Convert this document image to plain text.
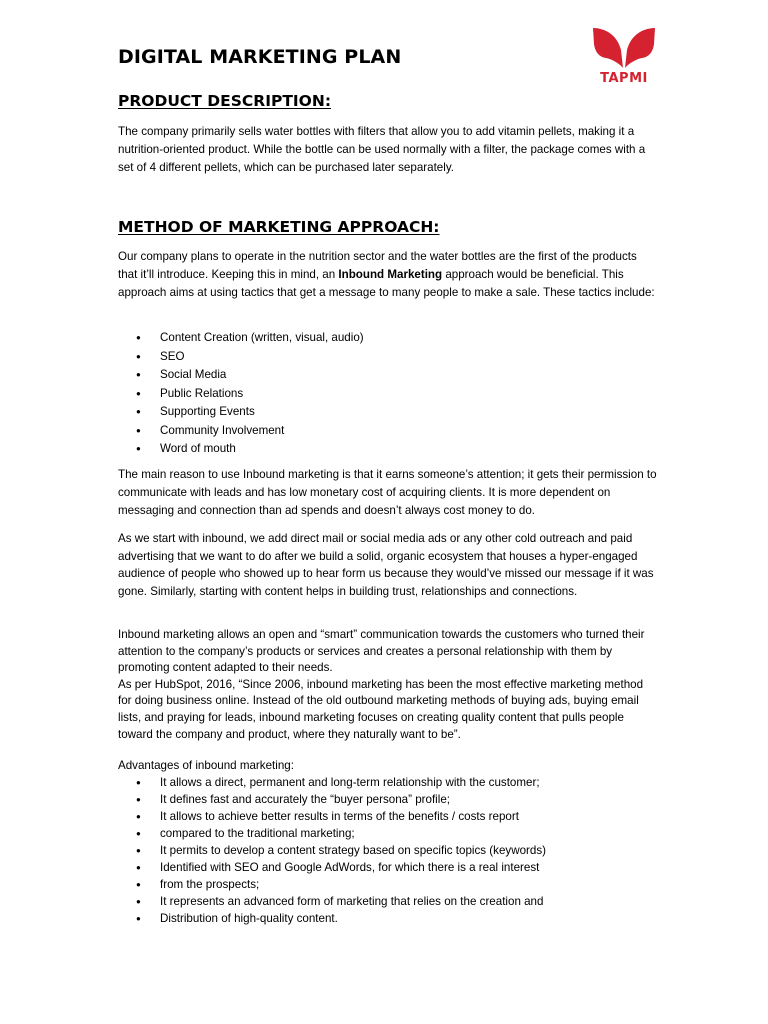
TAPMI
DIGITAL MARKETING PLAN
PRODUCT DESCRIPTION:

The company primarily sells water bottles with filters that allow you to add vitamin pellets, making it a nutrition-oriented product. While the bottle can be used normally with a filter, the package comes with a set of 4 different pellets, which can be purchased later separately.

METHOD OF MARKETING APPROACH:

Our company plans to operate in the nutrition sector and the water bottles are the first of the products that it’ll introduce. Keeping this in mind, an Inbound Marketing approach would be beneficial. This approach aims at using tactics that get a message to many people to make a sale. These tactics include:

● Content Creation (written, visual, audio)
● SEO
● Social Media
● Public Relations
● Supporting Events
● Community Involvement
● Word of mouth

The main reason to use Inbound marketing is that it earns someone’s attention; it gets their permission to communicate with leads and has low monetary cost of acquiring clients. It is more dependent on messaging and connection than ad spends and doesn’t always cost money to do.

As we start with inbound, we add direct mail or social media ads or any other cold outreach and paid advertising that we want to do after we build a solid, organic ecosystem that houses a hyper-engaged audience of people who showed up to hear form us because they would’ve missed our message if it was gone. Similarly, starting with content helps in building trust, relationships and connections.

Inbound marketing allows an open and “smart” communication towards the customers who turned their attention to the company’s products or services and creates a personal relationship with them by promoting content adapted to their needs.
As per HubSpot, 2016, “Since 2006, inbound marketing has been the most effective marketing method for doing business online. Instead of the old outbound marketing methods of buying ads, buying email lists, and praying for leads, inbound marketing focuses on creating quality content that pulls people toward the company and product, where they naturally want to be”.

Advantages of inbound marketing:

● It allows a direct, permanent and long-term relationship with the customer;
● It defines fast and accurately the “buyer persona” profile;
● It allows to achieve better results in terms of the benefits / costs report
● compared to the traditional marketing;
● It permits to develop a content strategy based on specific topics (keywords)
● Identified with SEO and Google AdWords, for which there is a real interest
● from the prospects;
● It represents an advanced form of marketing that relies on the creation and
● Distribution of high-quality content.
